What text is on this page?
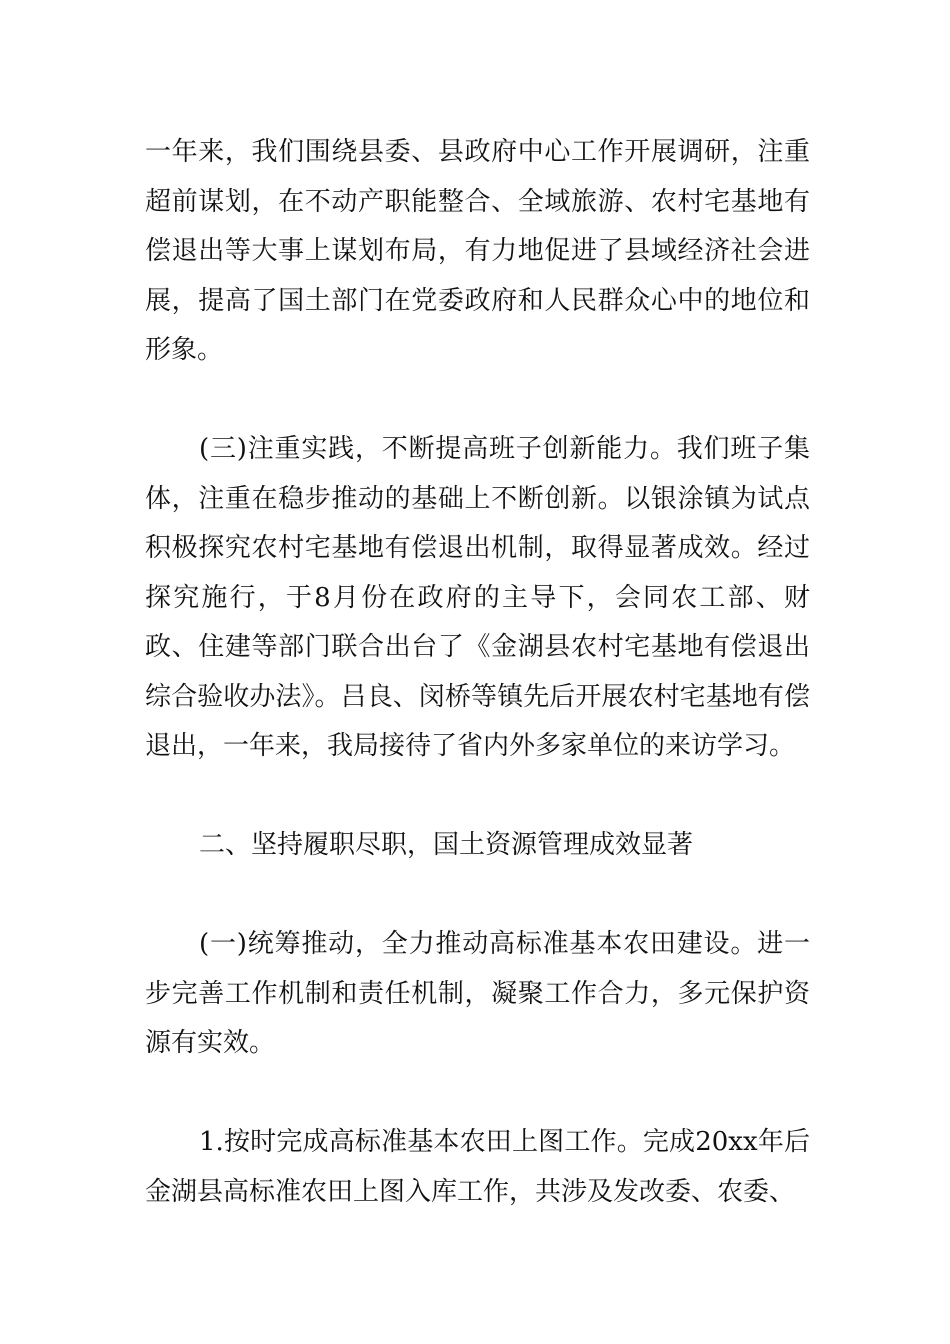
一年来，我们围绕县委、县政府中心工作开展调研，注重超前谋划，在不动产职能整合、全域旅游、农村宅基地有偿退出等大事上谋划布局，有力地促进了县域经济社会进展，提高了国土部门在党委政府和人民群众心中的地位和形象。

(三)注重实践，不断提高班子创新能力。我们班子集体，注重在稳步推动的基础上不断创新。以银涂镇为试点积极探究农村宅基地有偿退出机制，取得显著成效。经过探究施行，于8月份在政府的主导下，会同农工部、财政、住建等部门联合出台了《金湖县农村宅基地有偿退出综合验收办法》。吕良、闵桥等镇先后开展农村宅基地有偿退出，一年来，我局接待了省内外多家单位的来访学习。

二、坚持履职尽职，国土资源管理成效显著

(一)统筹推动，全力推动高标准基本农田建设。进一步完善工作机制和责任机制，凝聚工作合力，多元保护资源有实效。

1.按时完成高标准基本农田上图工作。完成20xx年后金湖县高标准农田上图入库工作，共涉及发改委、农委、
